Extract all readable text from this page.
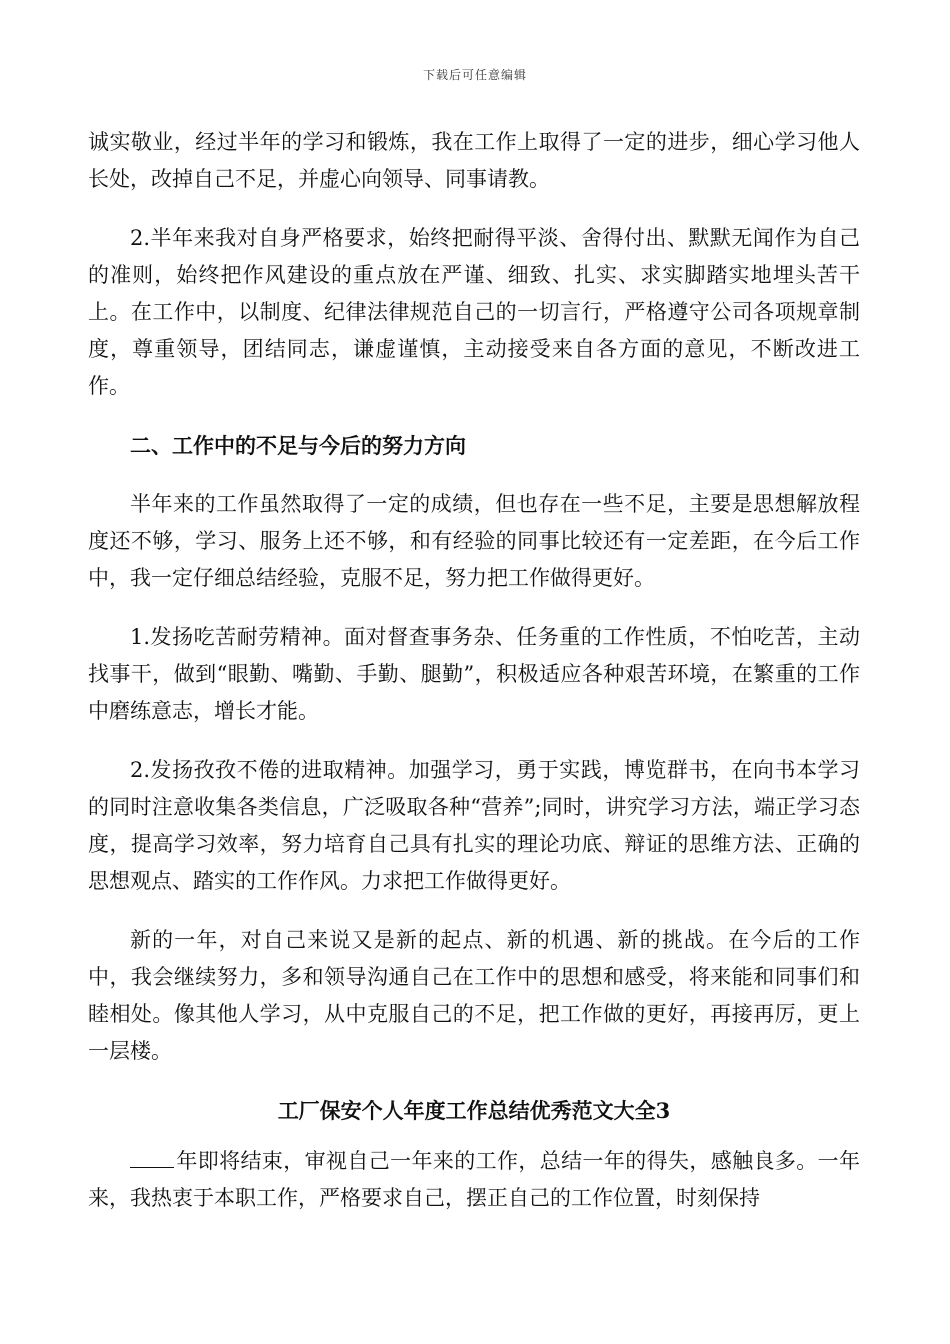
下载后可任意编辑

诚实敬业，经过半年的学习和锻炼，我在工作上取得了一定的进步，细心学习他人长处，改掉自己不足，并虚心向领导、同事请教。

2.半年来我对自身严格要求，始终把耐得平淡、舍得付出、默默无闻作为自己的准则，始终把作风建设的重点放在严谨、细致、扎实、求实脚踏实地埋头苦干上。在工作中，以制度、纪律法律规范自己的一切言行，严格遵守公司各项规章制度，尊重领导，团结同志，谦虚谨慎，主动接受来自各方面的意见，不断改进工作。

二、工作中的不足与今后的努力方向

半年来的工作虽然取得了一定的成绩，但也存在一些不足，主要是思想解放程度还不够，学习、服务上还不够，和有经验的同事比较还有一定差距，在今后工作中，我一定仔细总结经验，克服不足，努力把工作做得更好。

1.发扬吃苦耐劳精神。面对督查事务杂、任务重的工作性质，不怕吃苦，主动找事干，做到“眼勤、嘴勤、手勤、腿勤”，积极适应各种艰苦环境，在繁重的工作中磨练意志，增长才能。

2.发扬孜孜不倦的进取精神。加强学习，勇于实践，博览群书，在向书本学习的同时注意收集各类信息，广泛吸取各种“营养”;同时，讲究学习方法，端正学习态度，提高学习效率，努力培育自己具有扎实的理论功底、辩证的思维方法、正确的思想观点、踏实的工作作风。力求把工作做得更好。

新的一年，对自己来说又是新的起点、新的机遇、新的挑战。在今后的工作中，我会继续努力，多和领导沟通自己在工作中的思想和感受，将来能和同事们和睦相处。像其他人学习，从中克服自己的不足，把工作做的更好，再接再厉，更上一层楼。

工厂保安个人年度工作总结优秀范文大全3

年即将结束，审视自己一年来的工作，总结一年的得失，感触良多。一年来，我热衷于本职工作，严格要求自己，摆正自己的工作位置，时刻保持
